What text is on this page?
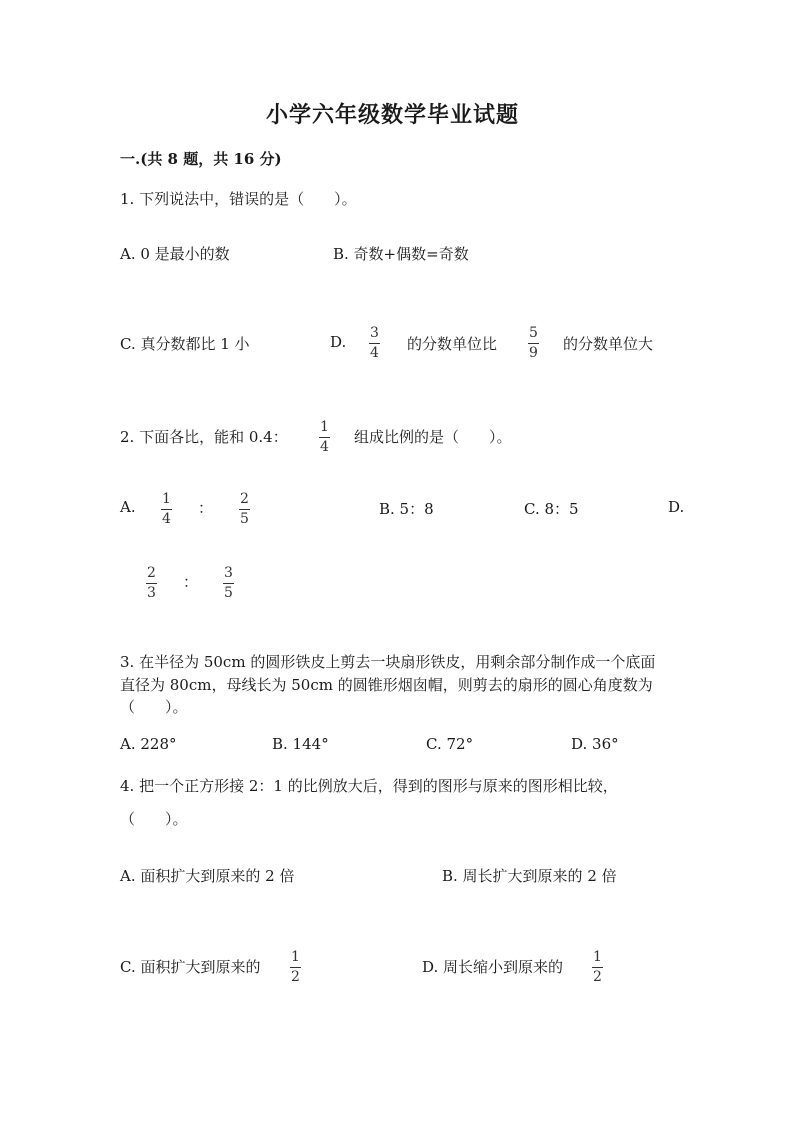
小学六年级数学毕业试题
一.(共 8 题，共 16 分)
1. 下列说法中，错误的是（　　）。
A. 0 是最小的数	B. 奇数+偶数=奇数
C. 真分数都比 1 小	D. 3
4 的分数单位比
5
9 的分数单位大
2. 下面各比，能和 0.4：
1
4
组成比例的是（　　）。
A. 1
4
： 2
5
B. 5：8	C. 8：5	D.
2
3
： 3
5
3. 在半径为 50cm 的圆形铁皮上剪去一块扇形铁皮，用剩余部分制作成一个底面
直径为 80cm，母线长为 50cm 的圆锥形烟囱帽，则剪去的扇形的圆心角度数为
（　　）。
A. 228°	B. 144°	C. 72°	D. 36°
4. 把一个正方形接 2：1 的比例放大后，得到的图形与原来的图形相比较，
（　　）。
A. 面积扩大到原来的 2 倍	B. 周长扩大到原来的 2 倍
C. 面积扩大到原来的
1
2
D. 周长缩小到原来的
1
2
